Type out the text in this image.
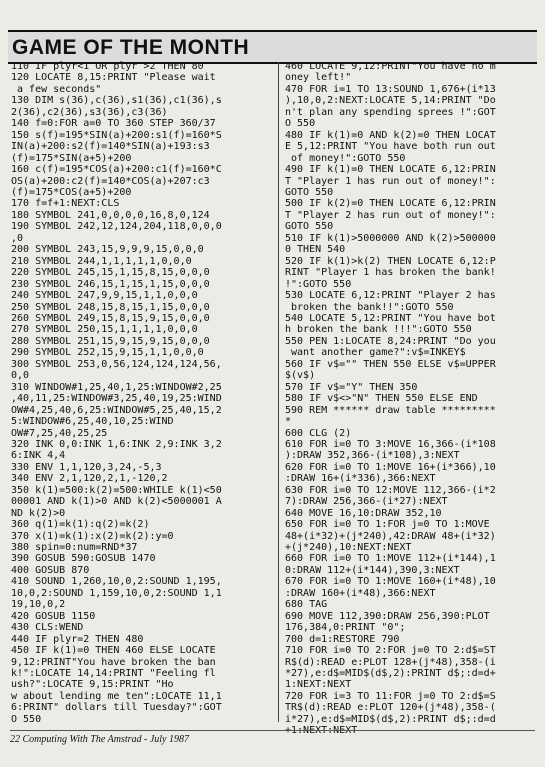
GAME OF THE MONTH
110 IF plyr<1 OR plyr >2 THEN 80
120 LOCATE 8,15:PRINT "Please wait
a few seconds"
130 DIM s(36),c(36),s1(36),c1(36),s
2(36),c2(36),s3(36),c3(36)
140 f=0:FOR a=0 TO 360 STEP 360/37
150 s(f)=195*SIN(a)+200:s1(f)=160*S
IN(a)+200:s2(f)=140*SIN(a)+193:s3
(f)=175*SIN(a+5)+200
160 c(f)=195*COS(a)+200:c1(f)=160*C
OS(a)+200:c2(f)=140*COS(a)+207:c3
(f)=175*COS(a+5)+200
170 f=f+1:NEXT:CLS
180 SYMBOL 241,0,0,0,0,16,8,0,124
190 SYMBOL 242,12,124,204,118,0,0,0
,0
200 SYMBOL 243,15,9,9,9,15,0,0,0
210 SYMBOL 244,1,1,1,1,1,0,0,0
220 SYMBOL 245,15,1,15,8,15,0,0,0
230 SYMBOL 246,15,1,15,1,15,0,0,0
240 SYMBOL 247,9,9,15,1,1,0,0,0
250 SYMBOL 248,15,8,15,1,15,0,0,0
260 SYMBOL 249,15,8,15,9,15,0,0,0
270 SYMBOL 250,15,1,1,1,1,0,0,0
280 SYMBOL 251,15,9,15,9,15,0,0,0
290 SYMBOL 252,15,9,15,1,1,0,0,0
300 SYMBOL 253,0,56,124,124,124,56,
0,0
310 WINDOW#1,25,40,1,25:WINDOW#2,25
,40,11,25:WINDOW#3,25,40,19,25:WIND
OW#4,25,40,6,25:WINDOW#5,25,40,15,2
5:WINDOW#6,25,40,10,25:WIND
OW#7,25,40,25,25
320 INK 0,0:INK 1,6:INK 2,9:INK 3,2
6:INK 4,4
330 ENV 1,1,120,3,24,-5,3
340 ENV 2,1,120,2,1,-120,2
350 k(1)=500:k(2)=500:WHILE k(1)<50
00001 AND k(1)>0 AND k(2)<5000001 A
ND k(2)>0
360 q(1)=k(1):q(2)=k(2)
370 x(1)=k(1):x(2)=k(2):y=0
380 spin=0:num=RND*37
390 GOSUB 590:GOSUB 1470
400 GOSUB 870
410 SOUND 1,260,10,0,2:SOUND 1,195,
10,0,2:SOUND 1,159,10,0,2:SOUND 1,1
19,10,0,2
420 GOSUB 1150
430 CLS:WEND
440 IF plyr=2 THEN 480
450 IF k(1)=0 THEN 460 ELSE LOCATE
9,12:PRINT"You have broken the ban
k!":LOCATE 14,14:PRINT "Feeling fl
ush?":LOCATE 9,15:PRINT "Ho
w about lending me ten":LOCATE 11,1
6:PRINT" dollars till Tuesday?":GOT
O 550
460 LOCATE 9,12:PRINT"You have no m
oney left!"
470 FOR i=1 TO 13:SOUND 1,676+(i*13
),10,0,2:NEXT:LOCATE 5,14:PRINT "Do
n't plan any spending sprees !":GOT
O 550
480 IF k(1)=0 AND k(2)=0 THEN LOCAT
E 5,12:PRINT "You have both run out
of money!":GOTO 550
490 IF k(1)=0 THEN LOCATE 6,12:PRIN
T "Player 1 has run out of money!":
GOTO 550
500 IF k(2)=0 THEN LOCATE 6,12:PRIN
T "Player 2 has run out of money!":
GOTO 550
510 IF k(1)>5000000 AND k(2)>500000
0 THEN 540
520 IF k(1)>k(2) THEN LOCATE 6,12:P
RINT "Player 1 has broken the bank!
!":GOTO 550
530 LOCATE 6,12:PRINT "Player 2 has
broken the bank!!":GOTO 550
540 LOCATE 5,12:PRINT "You have bot
h broken the bank !!!":GOTO 550
550 PEN 1:LOCATE 8,24:PRINT "Do you
want another game?":v$=INKEY$
560 IF v$="" THEN 550 ELSE v$=UPPER
$(v$)
570 IF v$="Y" THEN 350
580 IF v$<>"N" THEN 550 ELSE END
590 REM ****** draw table *********
*
600 CLG (2)
610 FOR i=0 TO 3:MOVE 16,366-(i*108
):DRAW 352,366-(i*108),3:NEXT
620 FOR i=0 TO 1:MOVE 16+(i*366),10
:DRAW 16+(i*336),366:NEXT
630 FOR i=0 TO 12:MOVE 112,366-(i*2
7):DRAW 256,366-(i*27):NEXT
640 MOVE 16,10:DRAW 352,10
650 FOR i=0 TO 1:FOR j=0 TO 1:MOVE
48+(i*32)+(j*240),42:DRAW 48+(i*32)
+(j*240),10:NEXT:NEXT
660 FOR i=0 TO 1:MOVE 112+(i*144),1
0:DRAW 112+(i*144),390,3:NEXT
670 FOR i=0 TO 1:MOVE 160+(i*48),10
:DRAW 160+(i*48),366:NEXT
680 TAG
690 MOVE 112,390:DRAW 256,390:PLOT
176,384,0:PRINT "0";
700 d=1:RESTORE 790
710 FOR i=0 TO 2:FOR j=0 TO 2:d$=ST
R$(d):READ e:PLOT 128+(j*48),358-(i
*27),e:d$=MID$(d$,2):PRINT d$;:d=d+
1:NEXT:NEXT
720 FOR i=3 TO 11:FOR j=0 TO 2:d$=S
TR$(d):READ e:PLOT 120+(j*48),358-(
i*27),e:d$=MID$(d$,2):PRINT d$;:d=d
+1:NEXT:NEXT
22 Computing With The Amstrad - July 1987
